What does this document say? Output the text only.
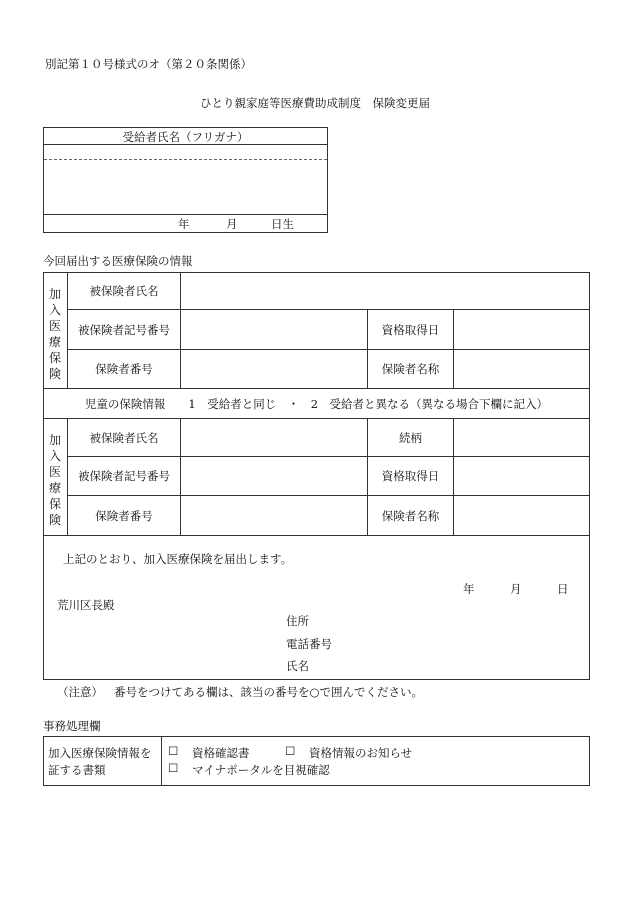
別記第１０号様式のオ（第２０条関係）
ひとり親家庭等医療費助成制度　保険変更届
受給者氏名（フリガナ）
年	月	日生
今回届出する医療保険の情報
加入医療保険
被保険者氏名
被保険者記号番号	資格取得日
保険者番号	保険者名称
児童の保険情報　　1　受給者と同じ　・　2　受給者と異なる（異なる場合下欄に記入）
加入医療保険
被保険者氏名	続柄
被保険者記号番号	資格取得日
保険者番号	保険者名称
上記のとおり、加入医療保険を届出します。
年	月	日
荒川区長殿
住所
電話番号
氏名
（注意） 番号をつけてある欄は、該当の番号を○で囲んでください。
事務処理欄
加入医療保険情報を
証する書類
☐ 資格確認書	☐ 資格情報のお知らせ
☐ マイナポータルを目視確認
